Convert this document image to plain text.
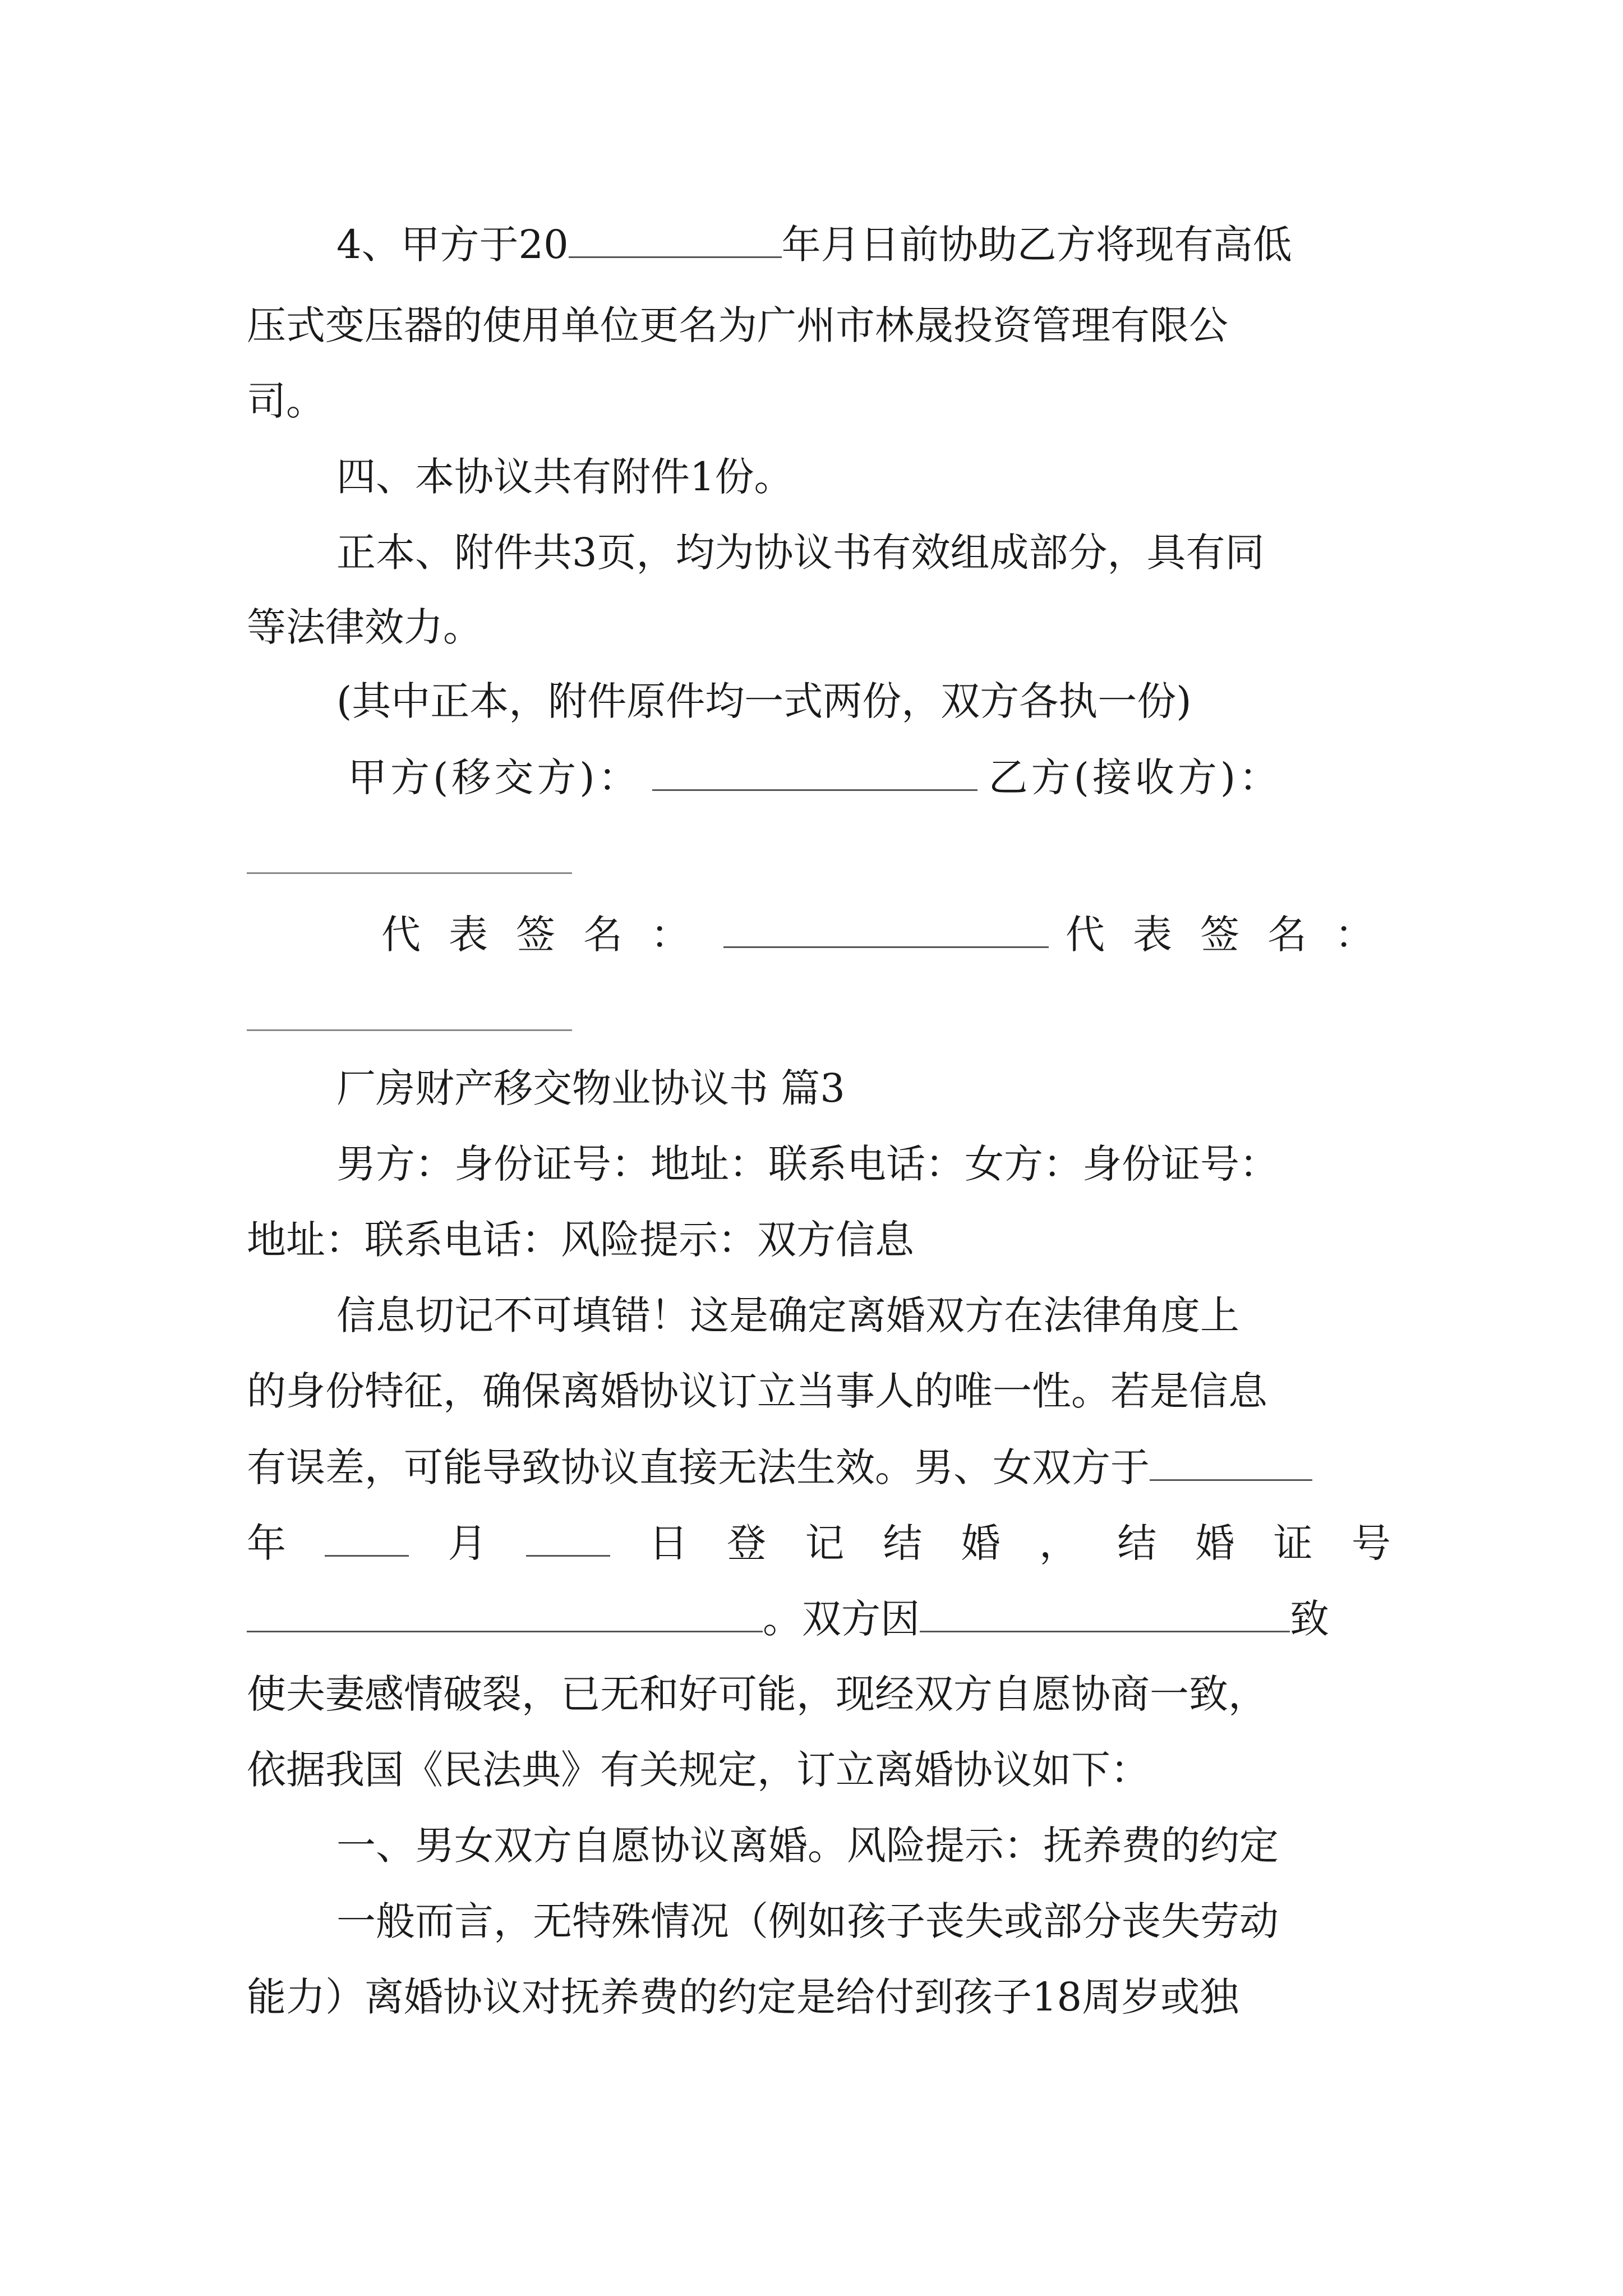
4、甲方于20	年月日前协助乙方将现有高低
压式变压器的使用单位更名为广州市林晟投资管理有限公
司。
四、本协议共有附件1份。
正本、附件共3页，均为协议书有效组成部分，具有同
等法律效力。
(其中正本，附件原件均一式两份，双方各执一份)
甲方(移交方)：	乙方(接收方)：
代表签名：	代表签名：
厂房财产移交物业协议书 篇3
男方：身份证号：地址：联系电话：女方：身份证号：
地址：联系电话：风险提示：双方信息
信息切记不可填错！这是确定离婚双方在法律角度上
的身份特征，确保离婚协议订立当事人的唯一性。若是信息
有误差，可能导致协议直接无法生效。男、女双方于
年	月	日 登 记 结 婚 ， 结 婚 证 号
。双方因	致
使夫妻感情破裂，已无和好可能，现经双方自愿协商一致，
依据我国《民法典》有关规定，订立离婚协议如下：
一、男女双方自愿协议离婚。风险提示：抚养费的约定
一般而言，无特殊情况（例如孩子丧失或部分丧失劳动
能力）离婚协议对抚养费的约定是给付到孩子18周岁或独
